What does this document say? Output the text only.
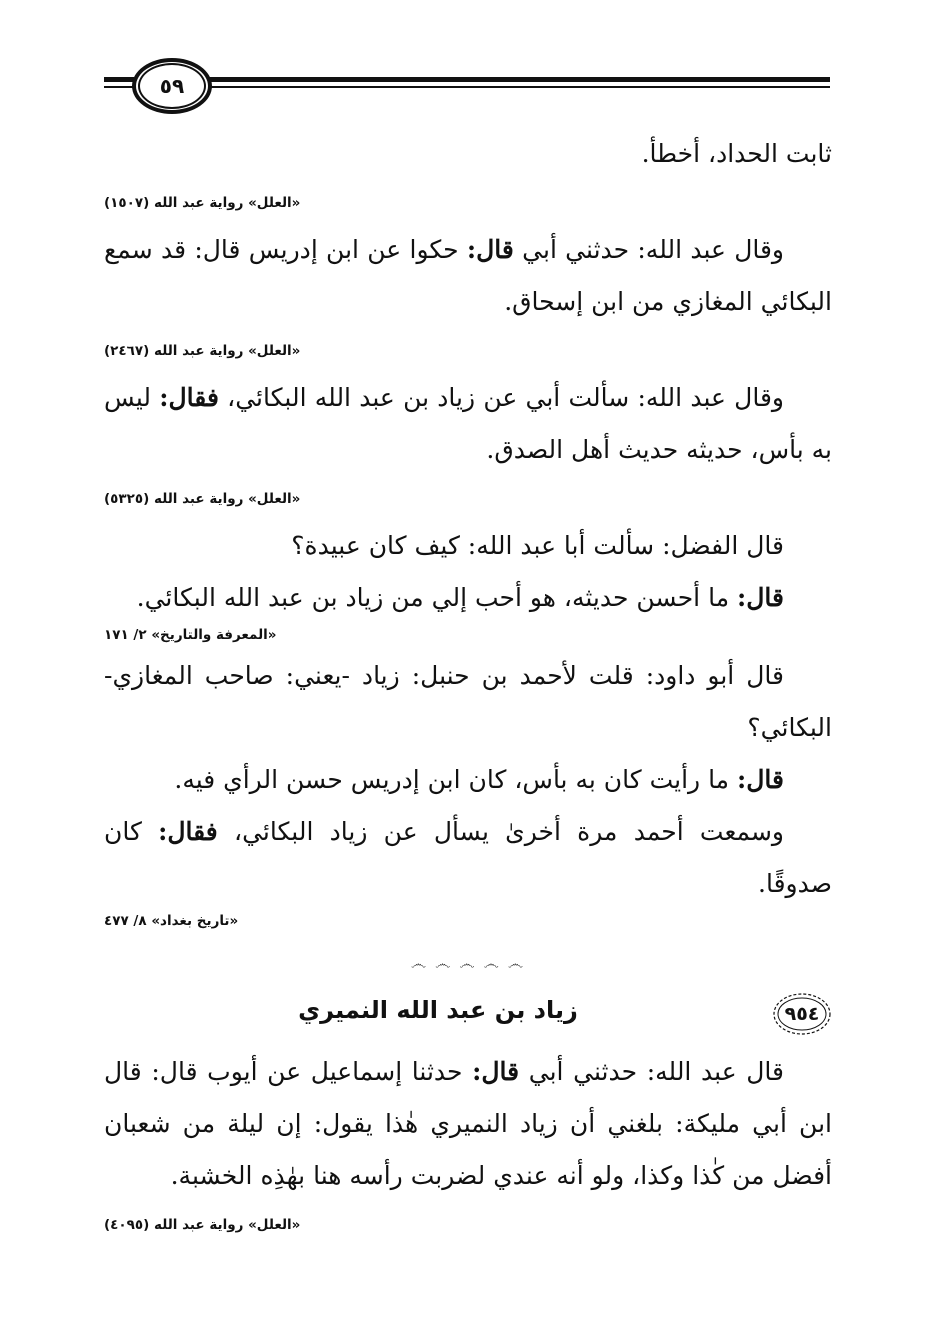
٥٩

ثابت الحداد، أخطأ.

«العلل» رواية عبد الله (١٥٠٧)

وقال عبد الله: حدثني أبي قال: حكوا عن ابن إدريس قال: قد سمع البكائي المغازي من ابن إسحاق.

«العلل» رواية عبد الله (٢٤٦٧)

وقال عبد الله: سألت أبي عن زياد بن عبد الله البكائي، فقال: ليس به بأس، حديثه حديث أهل الصدق.

«العلل» رواية عبد الله (٥٣٢٥)

قال الفضل: سألت أبا عبد الله: كيف كان عبيدة؟

قال: ما أحسن حديثه، هو أحب إلي من زياد بن عبد الله البكائي.

«المعرفة والتاريخ» ٢/ ١٧١

قال أبو داود: قلت لأحمد بن حنبل: زياد -يعني: صاحب المغازي- البكائي؟

قال: ما رأيت كان به بأس، كان ابن إدريس حسن الرأي فيه.

وسمعت أحمد مرة أخرىٰ يسأل عن زياد البكائي، فقال: كان صدوقًا.

«تاريخ بغداد» ٨/ ٤٧٧

෴ ෴ ෴ ෴ ෴
٩٥٤
زياد بن عبد الله النميري

قال عبد الله: حدثني أبي قال: حدثنا إسماعيل عن أيوب قال: قال ابن أبي مليكة: بلغني أن زياد النميري هٰذا يقول: إن ليلة من شعبان أفضل من كٰذا وكذا، ولو أنه عندي لضربت رأسه هنا بهٰذِه الخشبة.

«العلل» رواية عبد الله (٤٠٩٥)
